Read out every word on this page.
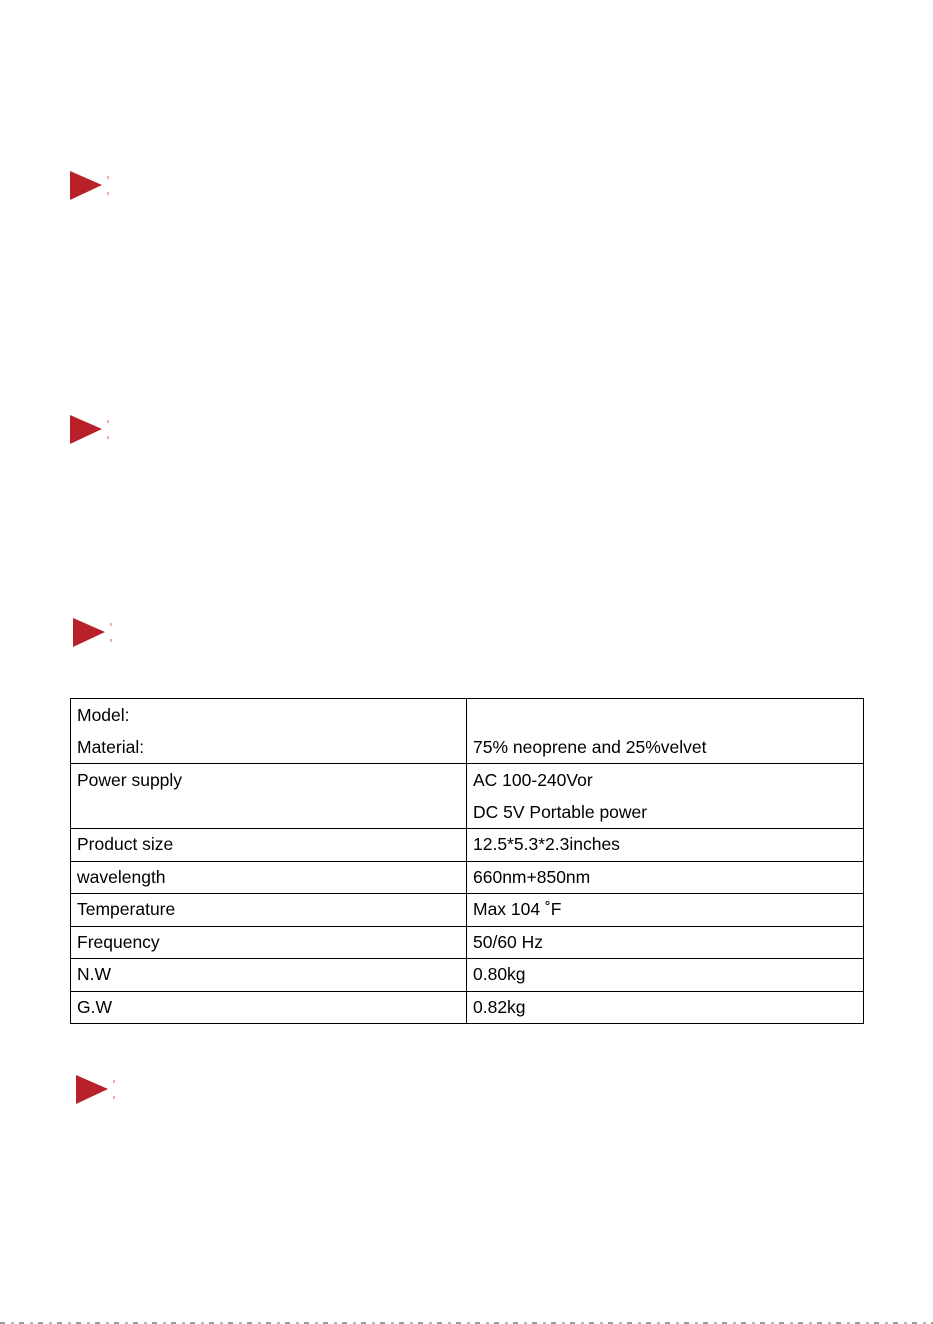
Model:
Material:	75% neoprene and 25%velvet

Power supply	AC 100-240Vor
DC 5V Portable power

Product size	12.5*5.3*2.3inches
wavelength	660nm+850nm
Temperature	Max 104 ˚F
Frequency	50/60 Hz
N.W	0.80kg
G.W	0.82kg
